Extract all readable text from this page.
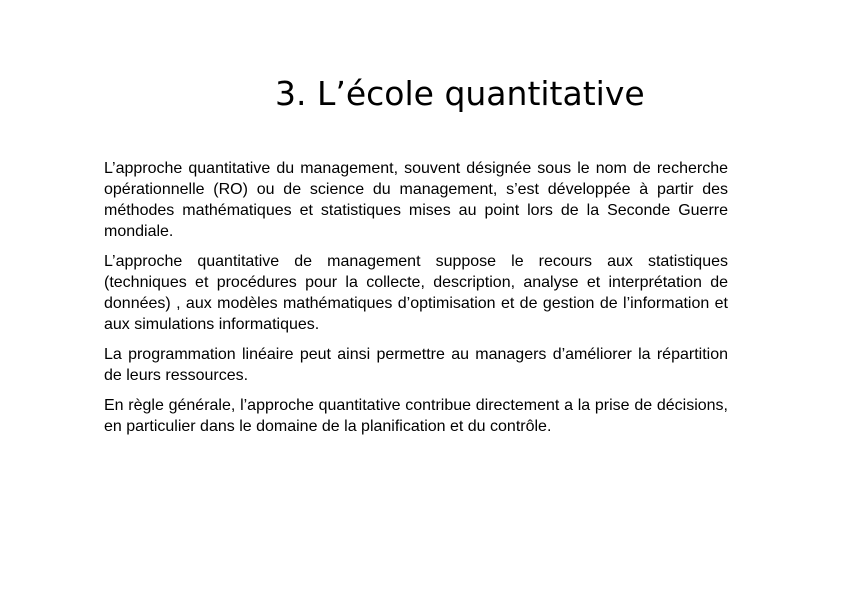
3. L’école quantitative

L’approche quantitative du management, souvent désignée sous le nom de recherche opérationnelle (RO) ou de science du management, s’est développée à partir des méthodes mathématiques et statistiques mises au point lors de la Seconde Guerre mondiale.

L’approche quantitative de management suppose le recours aux statistiques (techniques et procédures pour la collecte, description, analyse et interprétation de données) , aux modèles mathématiques d’optimisation et de gestion de l’information et aux simulations informatiques.

La programmation linéaire peut ainsi permettre au managers d’améliorer la répartition de leurs ressources.

En règle générale, l’approche quantitative contribue directement a la prise de décisions, en particulier dans le domaine de la planification et du contrôle.
